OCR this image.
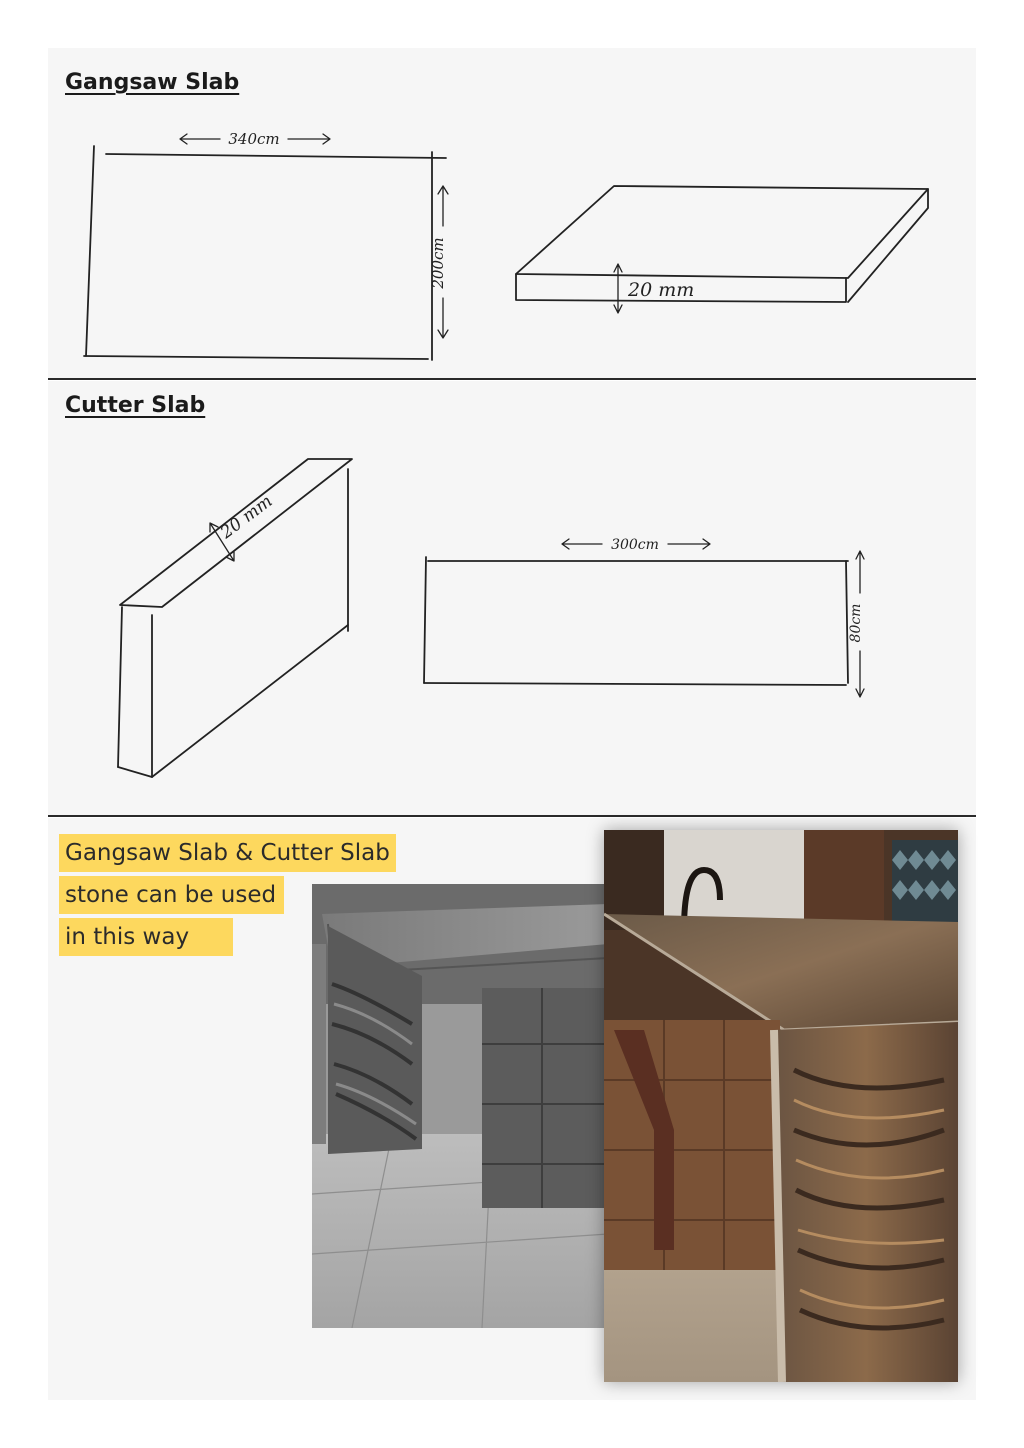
Gangsaw Slab
340cm
200cm
20 mm
Cutter Slab
20 mm
300cm
80cm
Gangsaw Slab & Cutter Slab
stone can be used
in this way
